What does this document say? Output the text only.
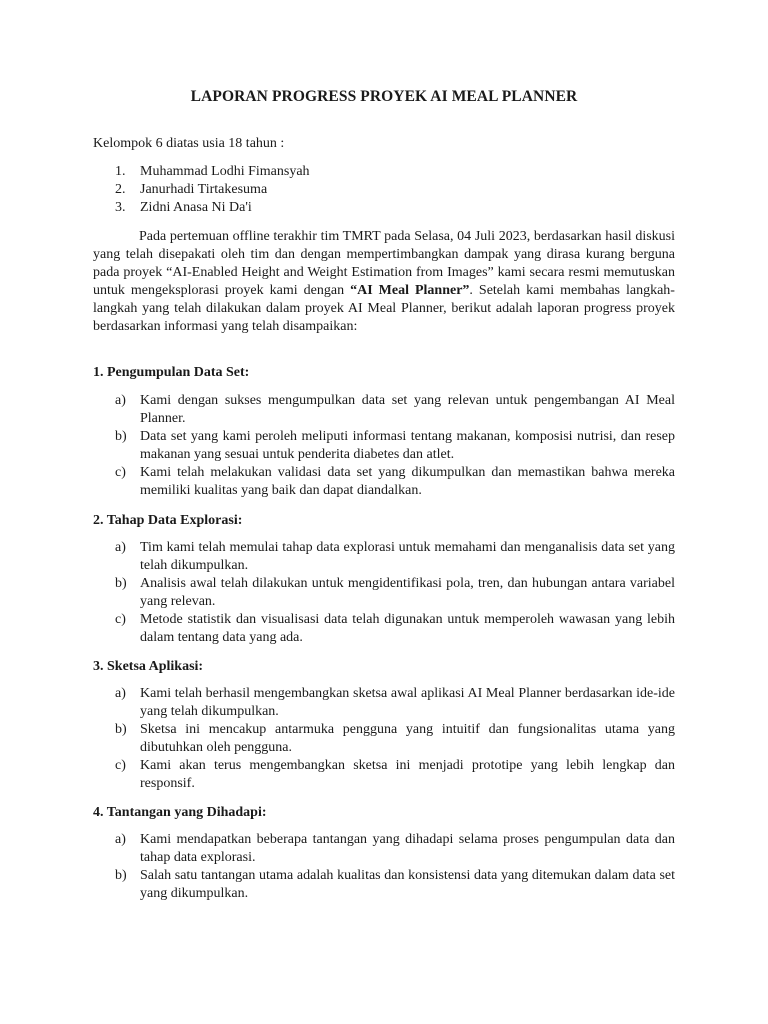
LAPORAN PROGRESS PROYEK AI MEAL PLANNER
Kelompok 6 diatas usia 18 tahun :
1.	Muhammad Lodhi Fimansyah
2.	Janurhadi Tirtakesuma
3.	Zidni Anasa Ni Da'i
Pada pertemuan offline terakhir tim TMRT pada Selasa, 04 Juli 2023, berdasarkan hasil diskusi yang telah disepakati oleh tim dan dengan mempertimbangkan dampak yang dirasa kurang berguna pada proyek “AI-Enabled Height and Weight Estimation from Images” kami secara resmi memutuskan untuk mengeksplorasi proyek kami dengan “AI Meal Planner”. Setelah kami membahas langkah-langkah yang telah dilakukan dalam proyek AI Meal Planner, berikut adalah laporan progress proyek berdasarkan informasi yang telah disampaikan:
1. Pengumpulan Data Set:
a)	Kami dengan sukses mengumpulkan data set yang relevan untuk pengembangan AI Meal Planner.
b) Data set yang kami peroleh meliputi informasi tentang makanan, komposisi nutrisi, dan resep makanan yang sesuai untuk penderita diabetes dan atlet.
c)	Kami telah melakukan validasi data set yang dikumpulkan dan memastikan bahwa mereka memiliki kualitas yang baik dan dapat diandalkan.
2. Tahap Data Explorasi:
a)	Tim kami telah memulai tahap data explorasi untuk memahami dan menganalisis data set yang telah dikumpulkan.
b) Analisis awal telah dilakukan untuk mengidentifikasi pola, tren, dan hubungan antara variabel yang relevan.
c)	Metode statistik dan visualisasi data telah digunakan untuk memperoleh wawasan yang lebih dalam tentang data yang ada.
3. Sketsa Aplikasi:
a)	Kami telah berhasil mengembangkan sketsa awal aplikasi AI Meal Planner berdasarkan ide-ide yang telah dikumpulkan.
b) Sketsa ini mencakup antarmuka pengguna yang intuitif dan fungsionalitas utama yang dibutuhkan oleh pengguna.
c)	Kami akan terus mengembangkan sketsa ini menjadi prototipe yang lebih lengkap dan responsif.
4. Tantangan yang Dihadapi:
a)	Kami mendapatkan beberapa tantangan yang dihadapi selama proses pengumpulan data dan tahap data explorasi.
b) Salah satu tantangan utama adalah kualitas dan konsistensi data yang ditemukan dalam data set yang dikumpulkan.
